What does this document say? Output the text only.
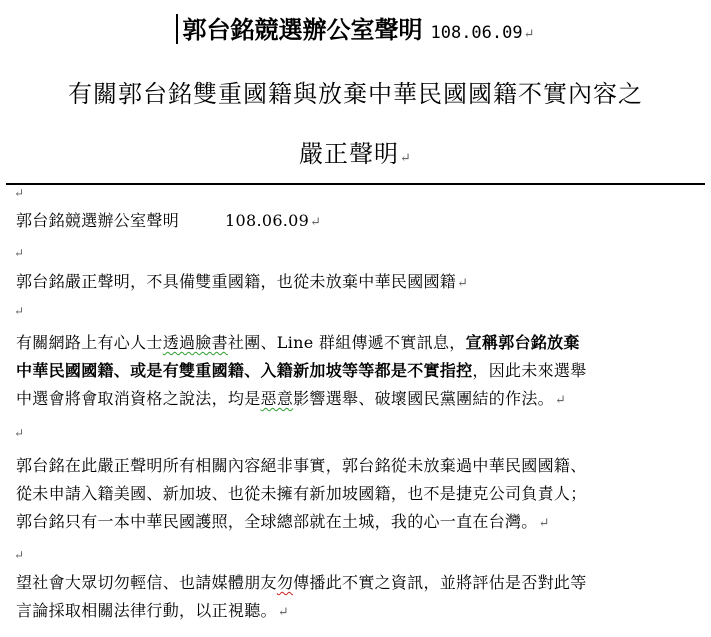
郭台銘競選辦公室聲明 108.06.09↵
有關郭台銘雙重國籍與放棄中華民國國籍不實內容之
嚴正聲明↵
↵
郭台銘競選辦公室聲明	108.06.09↵
↵
郭台銘嚴正聲明，不具備雙重國籍，也從未放棄中華民國國籍↵
↵
有關網路上有心人士透過臉書社團、Line 群組傳遞不實訊息，宣稱郭台銘放棄
中華民國國籍、或是有雙重國籍、入籍新加坡等等都是不實指控，因此未來選舉
中選會將會取消資格之說法，均是惡意影響選舉、破壞國民黨團結的作法。↵
↵
郭台銘在此嚴正聲明所有相關內容絕非事實，郭台銘從未放棄過中華民國國籍、
從未申請入籍美國、新加坡、也從未擁有新加坡國籍，也不是捷克公司負責人；
郭台銘只有一本中華民國護照，全球總部就在土城，我的心一直在台灣。↵
↵
望社會大眾切勿輕信、也請媒體朋友勿傳播此不實之資訊，並將評估是否對此等
言論採取相關法律行動，以正視聽。↵
